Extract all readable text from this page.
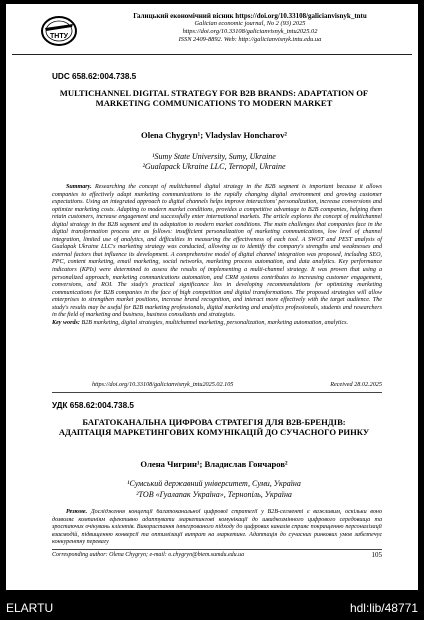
ТНТУ
Галицький економічний вісник https://doi.org/10.33108/galicianvisnyk_tntu
Galician economic journal, No 2 (93) 2025
https://doi.org/10.33108/galicianvisnyk_tntu2025.02
ISSN 2409-8892. Web: http://galicianvisnyk.tntu.edu.ua
UDC 658.62:004.738.5
MULTICHANNEL DIGITAL STRATEGY FOR B2B BRANDS: ADAPTATION OF MARKETING COMMUNICATIONS TO MODERN MARKET
Olena Chygryn¹; Vladyslav Honcharov²
¹Sumy State University, Sumy, Ukraine
²Gualapack Ukraine LLC, Ternopil, Ukraine
Summary. Researching the concept of multichannel digital strategy in the B2B segment is important because it allows companies to effectively adapt marketing communications to the rapidly changing digital environment and growing customer expectations. Using an integrated approach to digital channels helps improve interactions' personalization, increase conversions and optimize marketing costs. Adapting to modern market conditions, provides a competitive advantage to B2B companies, helping them retain customers, increase engagement and successfully enter international markets. The article explores the concept of multichannel digital strategy in the B2B segment and its adaptation to modern market conditions. The main challenges that companies face in the digital transformation process are as follows: insufficient personalization of marketing communications, low level of channel integration, limited use of analytics, and difficulties in measuring the effectiveness of each tool. A SWOT and PEST analysis of Gualapak Ukraine LLC's marketing strategy was conducted, allowing us to identify the company's strengths and weaknesses and external factors that influence its development. A comprehensive model of digital channel integration was proposed, including SEO, PPC, content marketing, email marketing, social networks, marketing process automation, and data analytics. Key performance indicators (KPIs) were determined to assess the results of implementing a multi-channel strategy. It was proven that using a personalized approach, marketing communications automation, and CRM systems contributes to increasing customer engagement, conversions, and ROI. The study's practical significance lies in developing recommendations for optimizing marketing communications for B2B companies in the face of high competition and digital transformations. The proposed strategies will allow enterprises to strengthen market positions, increase brand recognition, and interact more effectively with the target audience. The study's results may be useful for B2B marketing professionals, digital marketing and analytics professionals, students and researchers in the field of marketing and business, business consultants and strategists.
Key words: B2B marketing, digital strategies, multichannel marketing, personalization, marketing automation, analytics.
https://doi.org/10.33108/galicianvisnyk_tntu2025.02.105	Received 28.02.2025
УДК 658.62:004.738.5
БАГАТОКАНАЛЬНА ЦИФРОВА СТРАТЕГІЯ ДЛЯ B2B-БРЕНДІВ: АДАПТАЦІЯ МАРКЕТИНГОВИХ КОМУНІКАЦІЙ ДО СУЧАСНОГО РИНКУ
Олена Чигрин¹; Владислав Гончаров²
¹Сумський державний університет, Суми, Україна
²ТОВ «Гуалапак Україна», Тернопіль, Україна
Резюме. Дослідження концепції багатоканальної цифрової стратегії у B2B-сегменті є важливим, оскільки воно дозволяє компаніям ефективно адаптувати маркетингові комунікації до швидкозмінного цифрового середовища та зростаючих очікувань клієнтів. Використання інтегрованого підходу до цифрових каналів сприяє покращенню персоналізації взаємодій, підвищенню конверсії та оптимізації витрат на маркетинг. Адаптація до сучасних ринкових умов забезпечує конкурентну перевагу
Corresponding author: Olena Chygryn; e-mail: o.chygryn@biem.sumdu.edu.ua	105
ELARTU	hdl:lib/48771
